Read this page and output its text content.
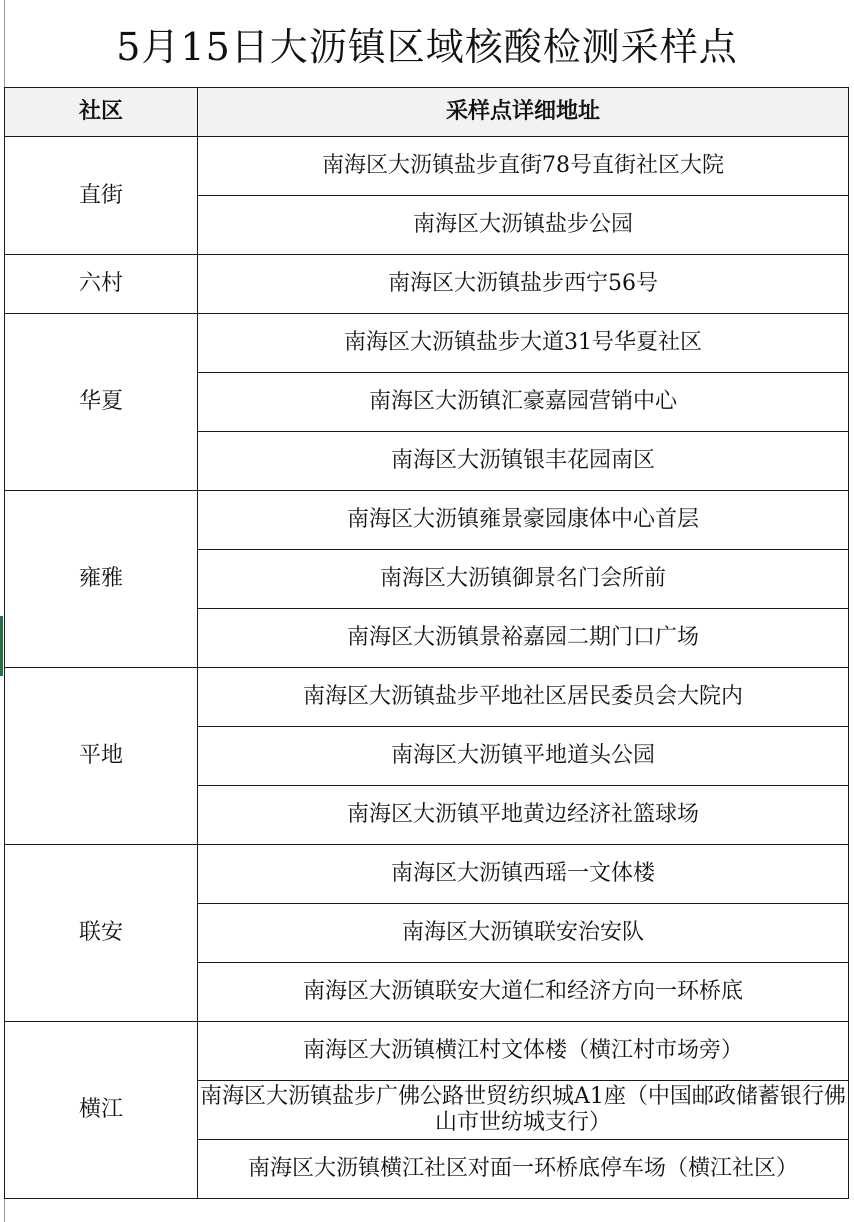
5月15日大沥镇区域核酸检测采样点
社区	采样点详细地址
直街	南海区大沥镇盐步直街78号直街社区大院
	南海区大沥镇盐步公园
六村	南海区大沥镇盐步西宁56号
华夏	南海区大沥镇盐步大道31号华夏社区
	南海区大沥镇汇豪嘉园营销中心
	南海区大沥镇银丰花园南区
雍雅	南海区大沥镇雍景豪园康体中心首层
	南海区大沥镇御景名门会所前
	南海区大沥镇景裕嘉园二期门口广场
平地	南海区大沥镇盐步平地社区居民委员会大院内
	南海区大沥镇平地道头公园
	南海区大沥镇平地黄边经济社篮球场
联安	南海区大沥镇西瑶一文体楼
	南海区大沥镇联安治安队
	南海区大沥镇联安大道仁和经济方向一环桥底
横江	南海区大沥镇横江村文体楼（横江村市场旁）
	南海区大沥镇盐步广佛公路世贸纺织城A1座（中国邮政储蓄银行佛山市世纺城支行）
	南海区大沥镇横江社区对面一环桥底停车场（横江社区）
